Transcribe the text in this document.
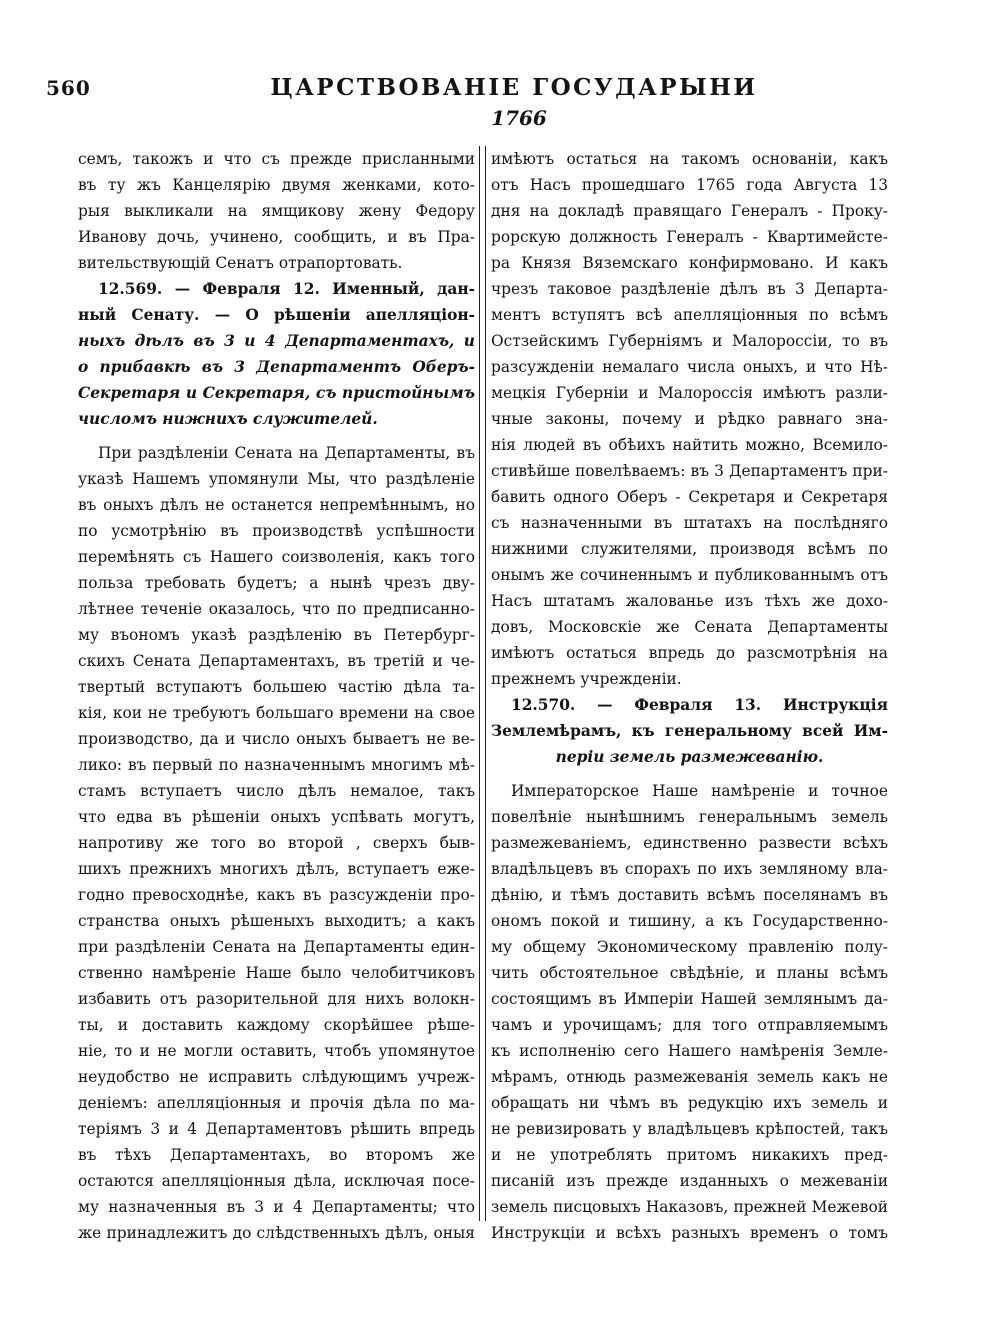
560	ЦАРСТВОВАНІЕ ГОСУДАРЫНИ
1766
семъ, такожъ и что съ прежде присланными
въ ту жъ Канцелярію двумя женками, кото-
рыя выкликали на ямщикову жену Федору
Иванову дочь, учинено, сообщить, и въ Пра-
вительствующій Сенатъ отрапортовать.
12.569. — Февраля 12. Именный, дан-
ный Сенату. — О рѣшеніи апелляціон-
ныхъ дѣлъ въ 3 и 4 Департаментахъ, и
о прибавкѣ въ 3 Департаментъ Оберъ-
Секретаря и Секретаря, съ пристойнымъ
числомъ нижнихъ служителей.
При раздѣленіи Сената на Департаменты, въ
указѣ Нашемъ упомянули Мы, что раздѣленіе
въ оныхъ дѣлъ не останется непремѣннымъ, но
по усмотрѣнію въ производствѣ успѣшности
перемѣнять съ Нашего соизволенія, какъ того
польза требовать будетъ; а нынѣ чрезъ дву-
лѣтнее теченіе оказалось, что по предписанно-
му въономъ указѣ раздѣленію въ Петербург-
скихъ Сената Департаментахъ, въ третій и че-
твертый вступаютъ большею частію дѣла та-
кія, кои не требуютъ большаго времени на свое
производство, да и число оныхъ бываетъ не ве-
лико: въ первый по назначеннымъ многимъ мѣ-
стамъ вступаетъ число дѣлъ немалое, такъ
что едва въ рѣшеніи оныхъ успѣвать могутъ,
напротиву же того во второй , сверхъ быв-
шихъ прежнихъ многихъ дѣлъ, вступаетъ еже-
годно превосходнѣе, какъ въ разсужденіи про-
странства оныхъ рѣшеныхъ выходитъ; а какъ
при раздѣленіи Сената на Департаменты един-
ственно намѣреніе Наше было челобитчиковъ
избавить отъ разорительной для нихъ волокн-
ты, и доставить каждому скорѣйшее рѣше-
ніе, то и не могли оставить, чтобъ упомянутое
неудобство не исправить слѣдующимъ учреж-
деніемъ: апелляціонныя и прочія дѣла по ма-
теріямъ 3 и 4 Департаментовъ рѣшить впредь
въ тѣхъ Департаментахъ, во второмъ же
остаются апелляціонныя дѣла, исключая посе-
му назначенныя въ 3 и 4 Департаменты; что
же принадлежитъ до слѣдственныхъ дѣлъ, оныя
имѣютъ остаться на такомъ основаніи, какъ
отъ Насъ прошедшаго 1765 года Августа 13
дня на докладѣ правящаго Генералъ - Проку-
рорскую должность Генералъ - Квартимейсте-
ра Князя Вяземскаго конфирмовано. И какъ
чрезъ таковое раздѣленіе дѣлъ въ 3 Департа-
ментъ вступятъ всѣ апелляціонныя по всѣмъ
Остзейскимъ Губерніямъ и Малороссіи, то въ
разсужденіи немалаго числа оныхъ, и что Нѣ-
мецкія Губерніи и Малороссія имѣютъ разли-
чные законы, почему и рѣдко равнаго зна-
нія людей въ обѣихъ найтить можно, Всемило-
стивѣйше повелѣваемъ: въ 3 Департаментъ при-
бавить одного Оберъ - Секретаря и Секретаря
съ назначенными въ штатахъ на послѣдняго
нижними служителями, производя всѣмъ по
онымъ же сочиненнымъ и публикованнымъ отъ
Насъ штатамъ жалованье изъ тѣхъ же дохо-
довъ, Московскіе же Сената Департаменты
имѣютъ остаться впредь до разсмотрѣнія на
прежнемъ учрежденіи.
12.570. — Февраля 13. Инструкція
Землемѣрамъ, къ генеральному всей Им-
періи земель размежеванію.
Императорское Наше намѣреніе и точное
повелѣніе нынѣшнимъ генеральнымъ земель
размежеваніемъ, единственно развести всѣхъ
владѣльцевъ въ спорахъ по ихъ земляному вла-
дѣнію, и тѣмъ доставить всѣмъ поселянамъ въ
ономъ покой и тишину, а къ Государственно-
му общему Экономическому правленію полу-
чить обстоятельное свѣдѣніе, и планы всѣмъ
состоящимъ въ Имперіи Нашей землянымъ да-
чамъ и урочищамъ; для того отправляемымъ
къ исполненію сего Нашего намѣренія Земле-
мѣрамъ, отнюдь размежеванія земель какъ не
обращать ни чѣмъ въ редукцію ихъ земель и
не ревизировать у владѣльцевъ крѣпостей, такъ
и не употреблять притомъ никакихъ пред-
писаній изъ прежде изданныхъ о межеваніи
земель писцовыхъ Наказовъ, прежней Межевой
Инструкціи и всѣхъ разныхъ временъ о томъ
